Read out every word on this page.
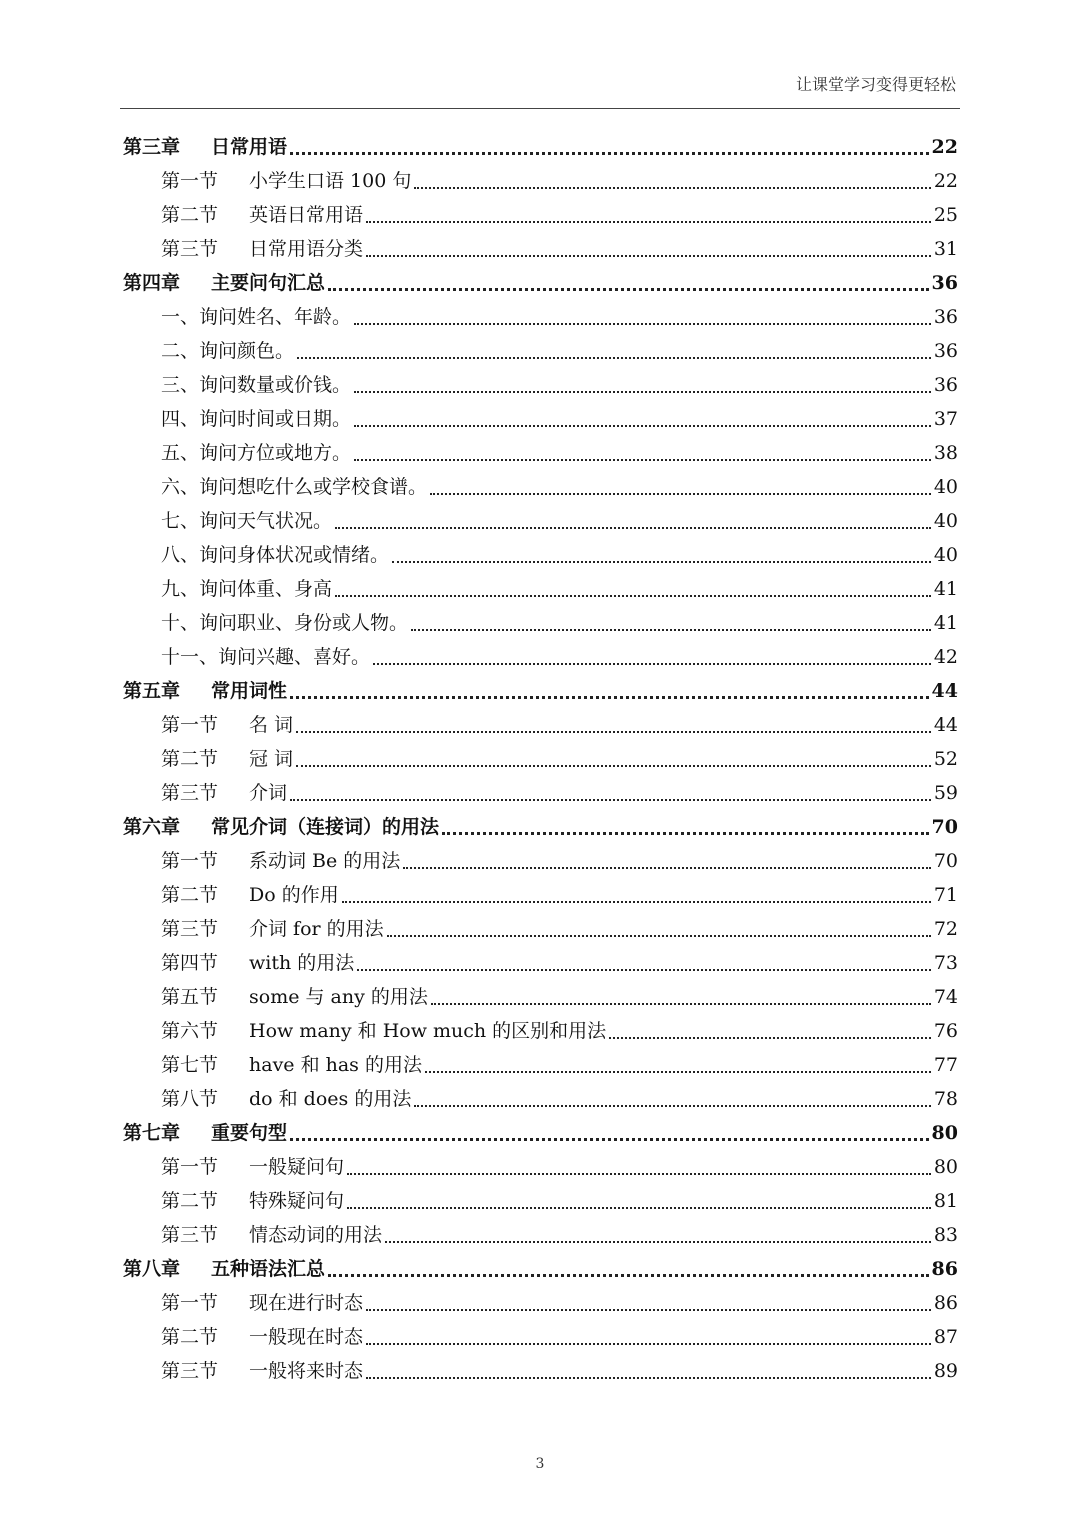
让课堂学习变得更轻松
第三章	日常用语	22
第一节	小学生口语 100 句	22
第二节	英语日常用语	25
第三节	日常用语分类	31
第四章	主要问句汇总	36
一、询问姓名、年龄。	36
二、询问颜色。	36
三、询问数量或价钱。	36
四、询问时间或日期。	37
五、询问方位或地方。	38
六、询问想吃什么或学校食谱。	40
七、询问天气状况。	40
八、询问身体状况或情绪。	40
九、询问体重、身高	41
十、询问职业、身份或人物。	41
十一、询问兴趣、喜好。	42
第五章	常用词性	44
第一节	名 词	44
第二节	冠 词	52
第三节	介词	59
第六章	常见介词（连接词）的用法	70
第一节	系动词 Be 的用法	70
第二节	Do 的作用	71
第三节	介词 for 的用法	72
第四节	with 的用法	73
第五节	some 与 any 的用法	74
第六节	How many 和 How much 的区别和用法	76
第七节	have 和 has 的用法	77
第八节	do 和 does 的用法	78
第七章	重要句型	80
第一节	一般疑问句	80
第二节	特殊疑问句	81
第三节	情态动词的用法	83
第八章	五种语法汇总	86
第一节	现在进行时态	86
第二节	一般现在时态	87
第三节	一般将来时态	89
3
